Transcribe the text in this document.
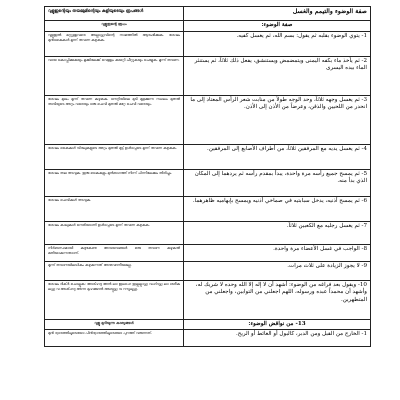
വുളൂഇന്റെയും തയമ്മുമിന്റെയും കുളിയുടെയും രൂപങ്ങൾ	صفة الوضوء والتيمم والغسل
വുളൂഇന്റെ രൂപം	صفة الوضوء:
വുളൂഇൽ മറ്റുള്ളവരെ അല്ലാഹുവിന്റെ നാമത്തിൽ ആരംഭിക്കുക. ശേഷം മുൻകൈകൾ മൂന്ന് തവണ കഴുകുക.	1- يتوي الوضوء بقلبه ثم يقول: بسم الله، ثم يغسل كفيه.
വായ കൊപ്ലിക്കുകയും മൂക്കിലേക്ക് വെള്ളം കയറ്റി ചീറ്റുകയും ചെയ്യുക. മൂന്ന് തവണ.	2- ثم يأخذ ماء بكفه اليمنى ويتمضمض ويستنشق، يفعل ذلك ثلاثاً، ثم يستنثر الماء بيده اليسرى
ശേഷം മുഖം മൂന്ന് തവണ കഴുകുക. നെറ്റിയിലെ മുടി മുളക്കുന്ന സ്ഥലം മുതൽ താടിയുടെ അറ്റം വരെയും ഒരു ചെവി മുതൽ മറ്റേ ചെവി വരെയും.	3- ثم يغسل وجهه ثلاثاً، وحد الوجه طولاً من منابت شعر الرأس المعتاد إلى ما انحدر من اللحيين والذقن، وعرضاً من الأذن إلى الأذن.
ശേഷം കൈകൾ വിരലുകളുടെ അറ്റം മുതൽ മുട്ട് ഉൾപ്പെടെ മൂന്ന് തവണ കഴുകുക.	4- ثم يغسل يديه مع المرفقين ثلاثاً، من أطراف الأصابع إلى المرفقين.
ശേഷം തല തടവുക. ഇരു കൈകളും മുൻഭാഗത്ത് നിന്ന് പിന്നിലേക്കും തിരിച്ചും.	5- ثم يمسح جميع رأسه مرة واحدة، يبدأ بمقدم رأسه ثم يردهما إلى المكان الذي بدأ منه.
ശേഷം ചെവികൾ തടവുക.	6- ثم يمسح أذنيه، يدخل سبابتيه في صماخي أذنيه ويمسح بإبهاميه ظاهرهما.
ശേഷം കാലുകൾ നെരിയാണി ഉൾപ്പെടെ മൂന്ന് തവണ കഴുകുക.	7- ثم يغسل رجليه مع الكعبين ثلاثاً.
നിർബന്ധമായി കഴുകേണ്ട അവയവങ്ങൾ ഒരു തവണ കഴുകൽ മതിയാകുന്നതാണ്.	8- الواجب في غسل الأعضاء مرة واحدة.
മൂന്ന് തവണയിലധികം കഴുകുന്നത് അനുവദനീയമല്ല.	9- لا يجوز الزيادة على ثلاث مرات.
ശേഷം ദിക്ർ ചൊല്ലുക: അശ്ഹദു അൻ ലാ ഇലാഹ ഇല്ലല്ലാഹു വഹ്ദഹു ലാ ശരീക ലഹു വ അശ്ഹദു അന്ന മുഹമ്മദൻ അബ്ദുഹു വ റസൂലുഹു.	10- ويقول بعد فراغه من الوضوء: أشهد أن لا إله إلا الله وحده لا شريك له، وأشهد أن محمداً عبده ورسوله، اللهم اجعلني من التوابين، واجعلني من المتطهرين.
വുളൂ മുറിയുന്ന കാര്യങ്ങൾ	13- من نواقض الوضوء:
മുൻ ദ്വാരത്തിലൂടെയോ പിൻദ്വാരത്തിലൂടെയോ പുറത്ത് വരുന്നത്.	1- الخارج من القبل ومن الدبر، كالبول أو الغائط أو الريح.
